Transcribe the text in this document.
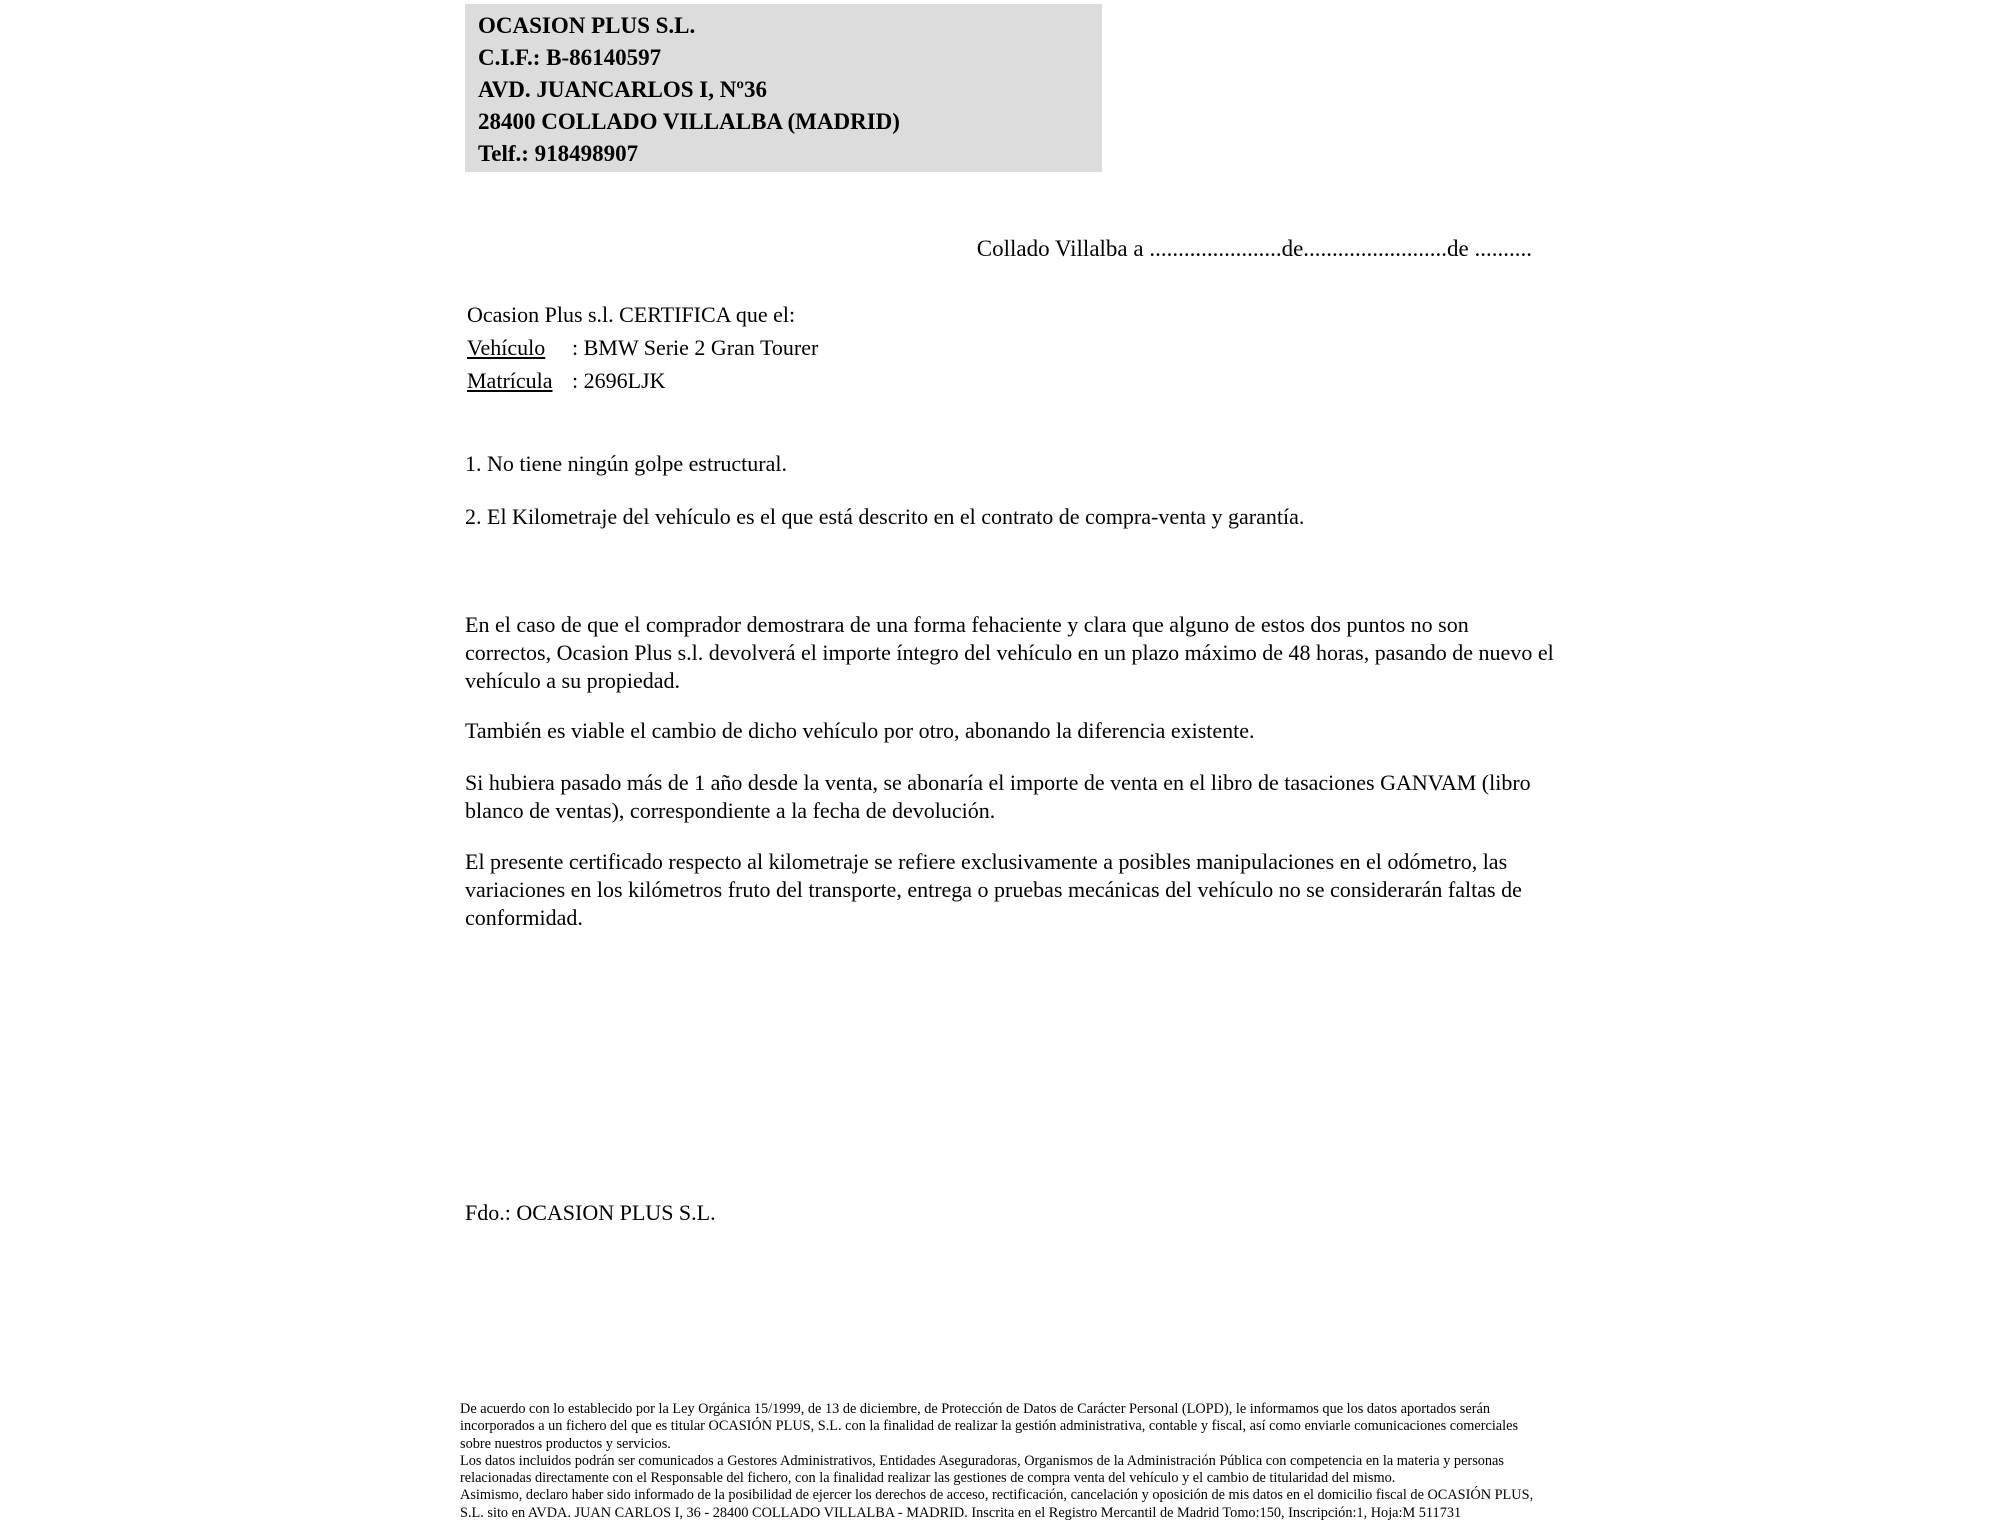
OCASION PLUS S.L.
C.I.F.: B-86140597
AVD. JUANCARLOS I, Nº36
28400 COLLADO VILLALBA (MADRID)
Telf.: 918498907
Collado Villalba a .......................de.........................de ..........
Ocasion Plus s.l. CERTIFICA que el:
Vehículo : BMW Serie 2 Gran Tourer
Matrícula : 2696LJK
1. No tiene ningún golpe estructural.
2. El Kilometraje del vehículo es el que está descrito en el contrato de compra-venta y garantía.

En el caso de que el comprador demostrara de una forma fehaciente y clara que alguno de estos dos puntos no son correctos, Ocasion Plus s.l. devolverá el importe íntegro del vehículo en un plazo máximo de 48 horas, pasando de nuevo el vehículo a su propiedad.

También es viable el cambio de dicho vehículo por otro, abonando la diferencia existente.

Si hubiera pasado más de 1 año desde la venta, se abonaría el importe de venta en el libro de tasaciones GANVAM (libro blanco de ventas), correspondiente a la fecha de devolución.

El presente certificado respecto al kilometraje se refiere exclusivamente a posibles manipulaciones en el odómetro, las variaciones en los kilómetros fruto del transporte, entrega o pruebas mecánicas del vehículo no se considerarán faltas de conformidad.

Fdo.: OCASION PLUS S.L.

De acuerdo con lo establecido por la Ley Orgánica 15/1999, de 13 de diciembre, de Protección de Datos de Carácter Personal (LOPD), le informamos que los datos aportados serán incorporados a un fichero del que es titular OCASIÓN PLUS, S.L. con la finalidad de realizar la gestión administrativa, contable y fiscal, así como enviarle comunicaciones comerciales sobre nuestros productos y servicios.

Los datos incluidos podrán ser comunicados a Gestores Administrativos, Entidades Aseguradoras, Organismos de la Administración Pública con competencia en la materia y personas relacionadas directamente con el Responsable del fichero, con la finalidad realizar las gestiones de compra venta del vehículo y el cambio de titularidad del mismo.

Asimismo, declaro haber sido informado de la posibilidad de ejercer los derechos de acceso, rectificación, cancelación y oposición de mis datos en el domicilio fiscal de OCASIÓN PLUS, S.L. sito en AVDA. JUAN CARLOS I, 36 - 28400 COLLADO VILLALBA - MADRID. Inscrita en el Registro Mercantil de Madrid Tomo:150, Inscripción:1, Hoja:M 511731
